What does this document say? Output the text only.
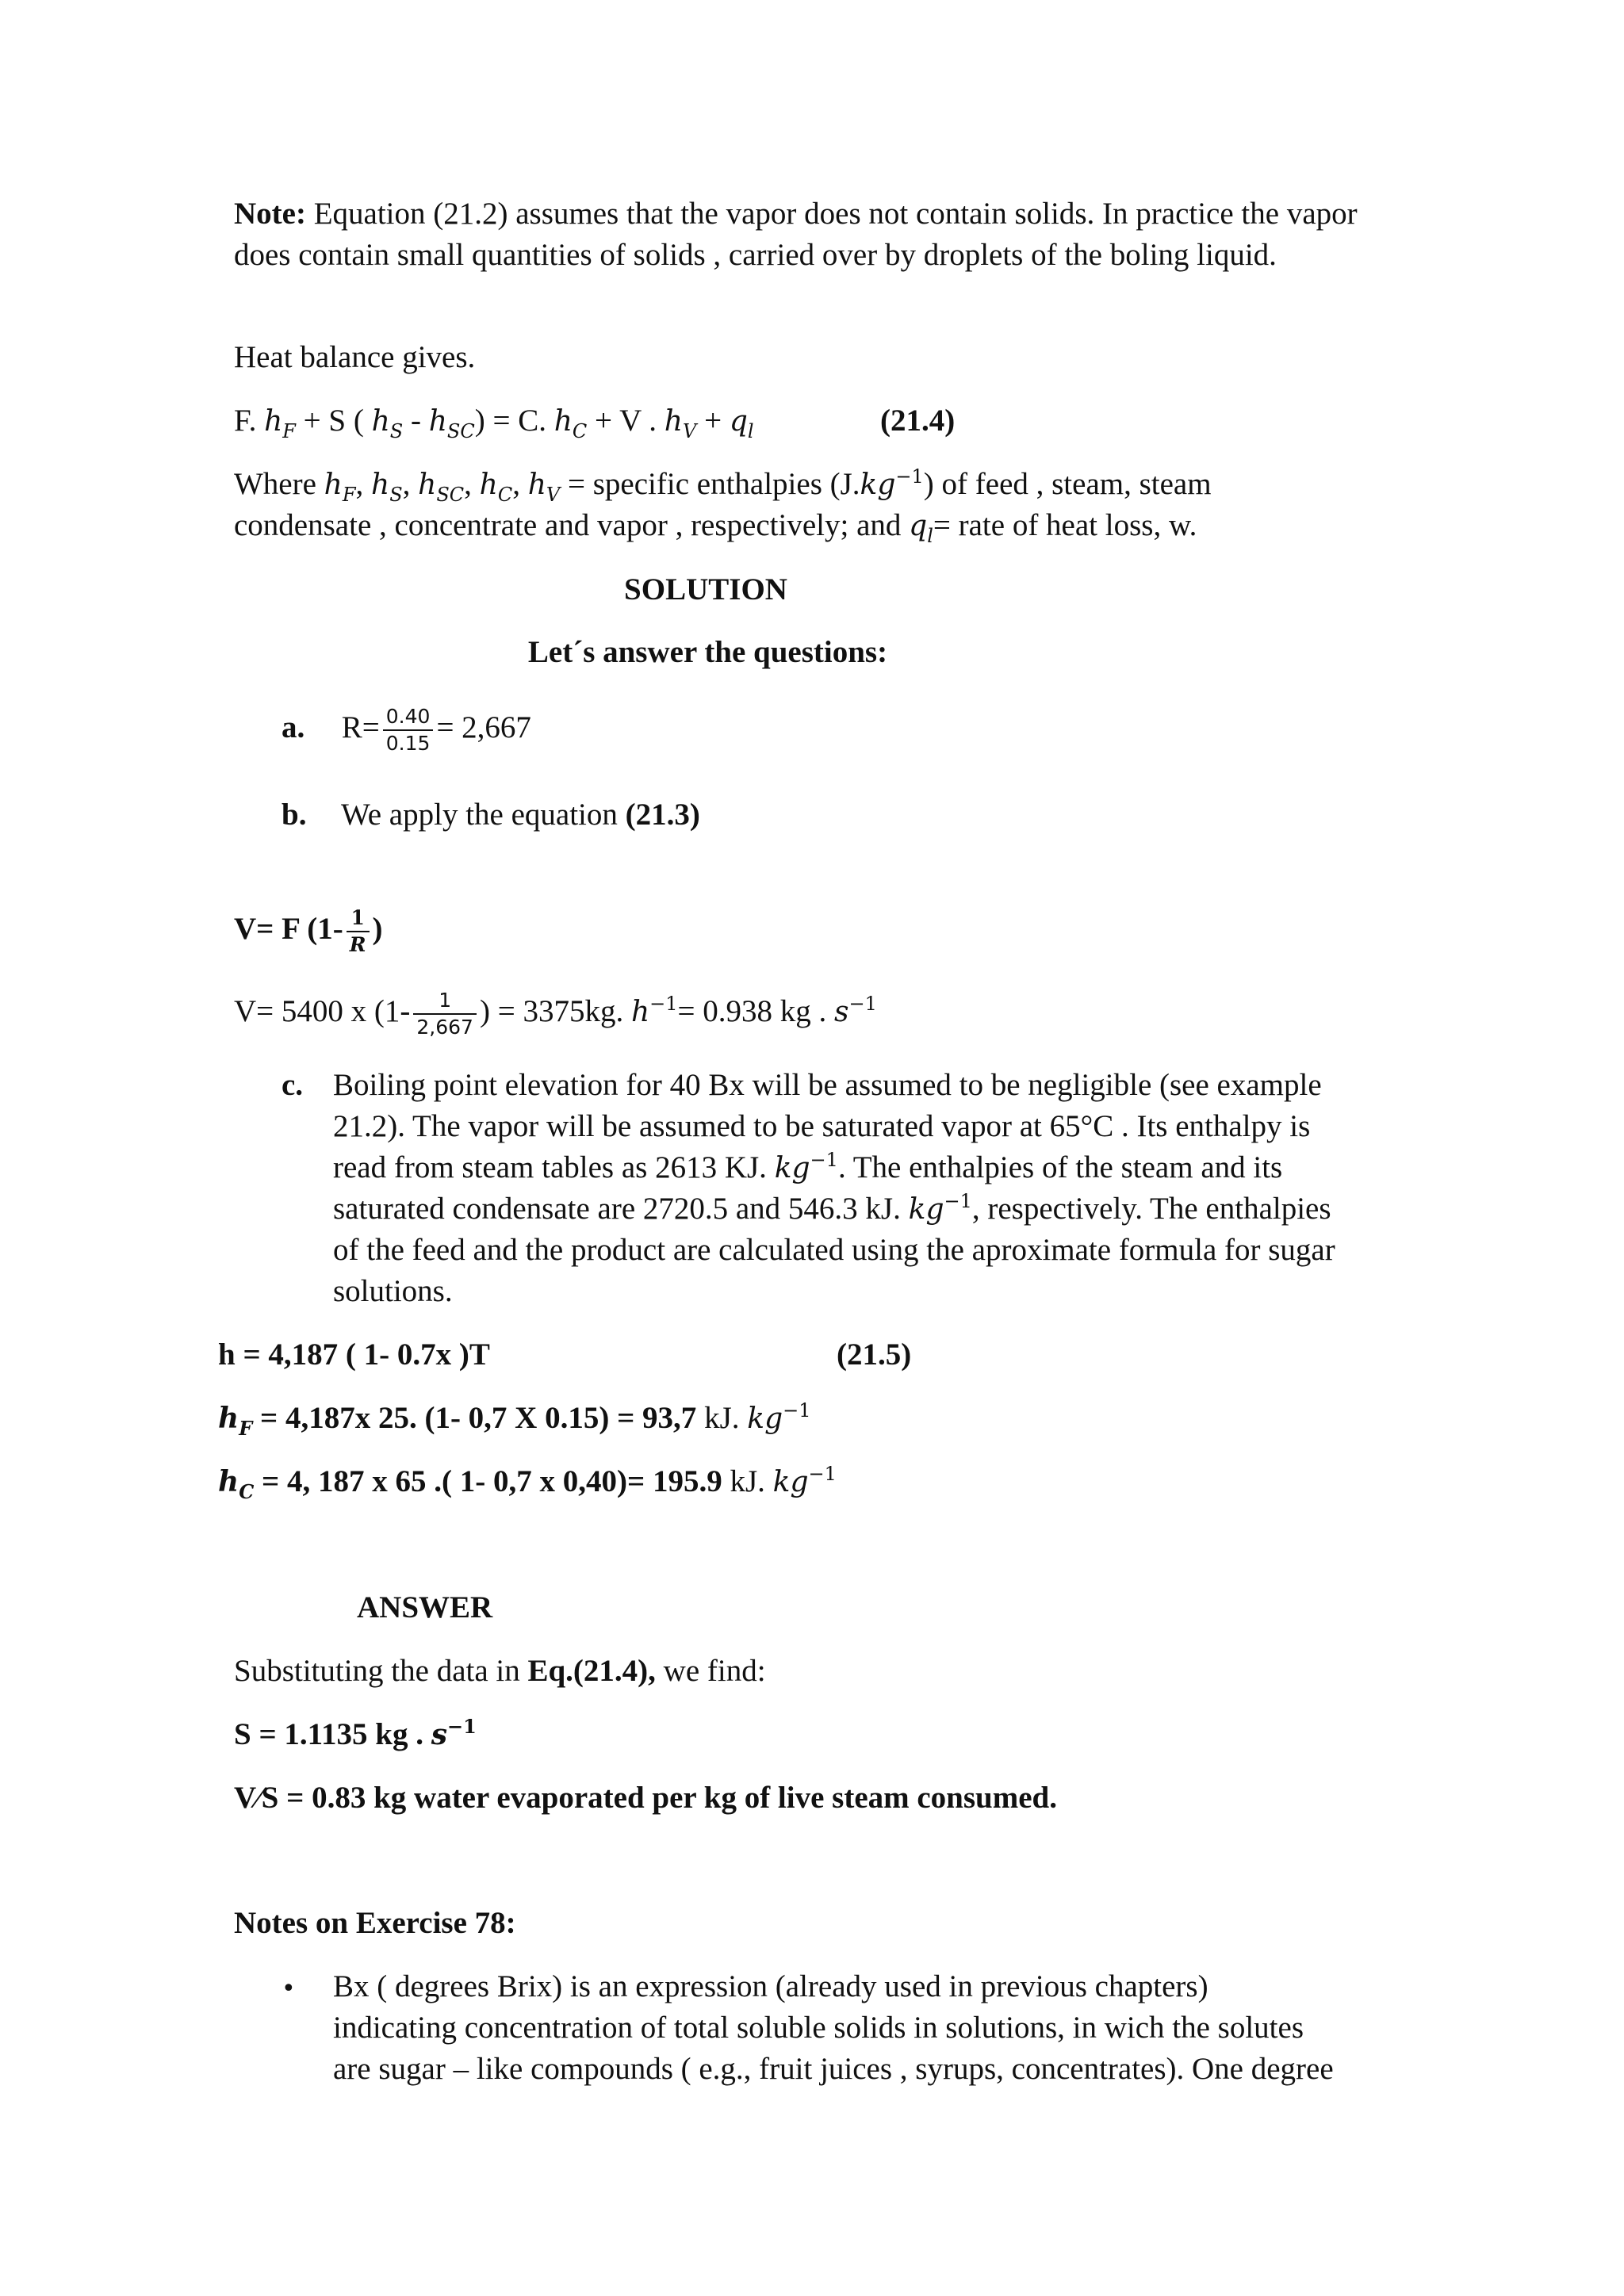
Note: Equation (21.2) assumes that the vapor does not contain solids. In practice the vapor does contain small quantities of solids , carried over by droplets of the boling liquid.
Heat balance gives.
F. $h_F + S$ ( $h_S - h_{SC}) = C$. $h_C + V$ . $h_V + q_l$	(21.4)
Where $h_F$, $h_S$, $h_{SC}$, $h_C$, $h_V$ = specific enthalpies $(J.kg^{-1})$ of feed , steam, steam
condensate , concentrate and vapor , respectively; and $q_l=$ rate of heat loss, w.
SOLUTION
Let´s answer the questions:
a. $R= \frac{0.40}{0.15} = 2,667$
b. We apply the equation (21.3)
V= F ($1- \frac{1}{R}$ )
V= 5400 x ($1- \frac{1}{2,667}$ ) = 3375kg. $h^{-1}= 0.938$ kg . $s^{-1}$
c. Boiling point elevation for 40 Bx will be assumed to be negligible (see example
21.2). The vapor will be assumed to be saturated vapor at 65°C . Its enthalpy is
read from steam tables as 2613 KJ. $kg^{-1}$. The enthalpies of the steam and its
saturated condensate are 2720.5 and 546.3 kJ. $kg^{-1}$, respectively. The enthalpies
of the feed and the product are calculated using the aproximate formula for sugar
solutions.
h = 4,187 ( 1- 0.7x )T	(21.5)
$h_F = 4,187x$ 25. (1- 0,7 X 0.15) = 93,7 kJ. $kg^{-1}$
$h_C = 4$, 187 x 65 .( 1- 0,7 x 0,40)= 195.9 kJ. $kg^{-1}$
ANSWER
Substituting the data in Eq.(21.4), we find:
S = 1.1135 kg . $s^{-1}$
V⁄S = 0.83 kg water evaporated per kg of live steam consumed.
Notes on Exercise 78:
• Bx ( degrees Brix) is an expression (already used in previous chapters)
indicating concentration of total soluble solids in solutions, in wich the solutes
are sugar – like compounds ( e.g., fruit juices , syrups, concentrates). One degree
